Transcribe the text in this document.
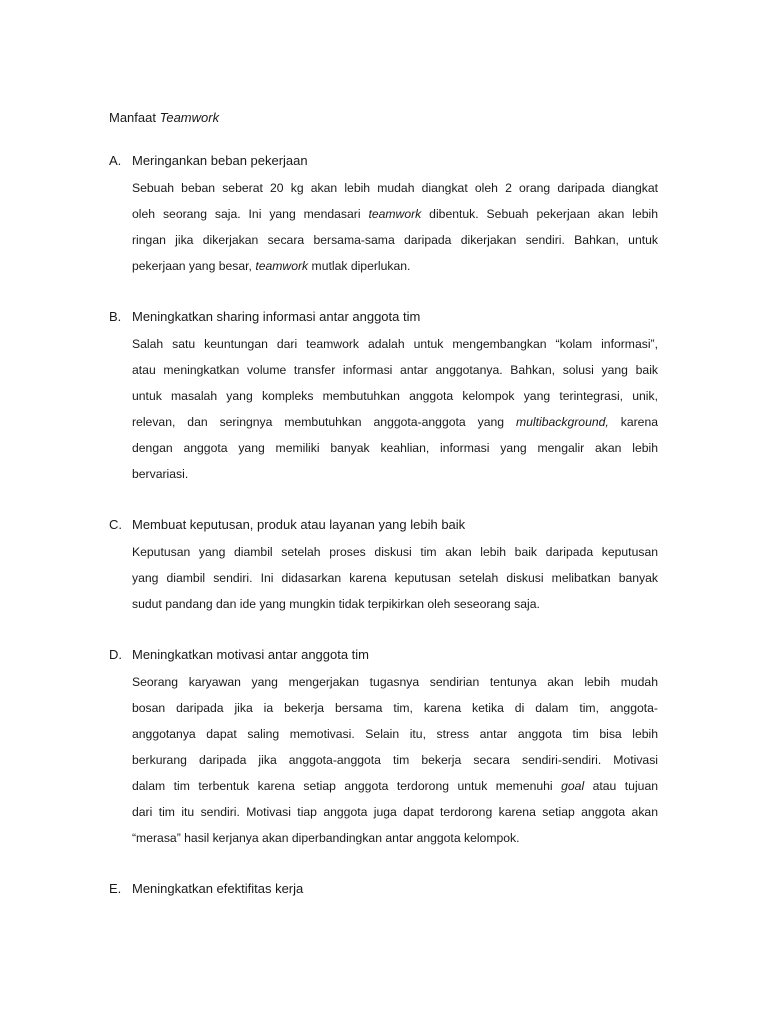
Manfaat Teamwork
A. Meringankan beban pekerjaan
Sebuah beban seberat 20 kg akan lebih mudah diangkat oleh 2 orang daripada diangkat
oleh seorang saja. Ini yang mendasari teamwork dibentuk. Sebuah pekerjaan akan lebih
ringan jika dikerjakan secara bersama-sama daripada dikerjakan sendiri. Bahkan, untuk
pekerjaan yang besar, teamwork mutlak diperlukan.
B. Meningkatkan sharing informasi antar anggota tim
Salah satu keuntungan dari teamwork adalah untuk mengembangkan “kolam informasi”,
atau meningkatkan volume transfer informasi antar anggotanya. Bahkan, solusi yang baik
untuk masalah yang kompleks membutuhkan anggota kelompok yang terintegrasi, unik,
relevan, dan seringnya membutuhkan anggota-anggota yang multibackground, karena
dengan anggota yang memiliki banyak keahlian, informasi yang mengalir akan lebih
bervariasi.
C. Membuat keputusan, produk atau layanan yang lebih baik
Keputusan yang diambil setelah proses diskusi tim akan lebih baik daripada keputusan
yang diambil sendiri. Ini didasarkan karena keputusan setelah diskusi melibatkan banyak
sudut pandang dan ide yang mungkin tidak terpikirkan oleh seseorang saja.
D. Meningkatkan motivasi antar anggota tim
Seorang karyawan yang mengerjakan tugasnya sendirian tentunya akan lebih mudah
bosan daripada jika ia bekerja bersama tim, karena ketika di dalam tim, anggota-
anggotanya dapat saling memotivasi. Selain itu, stress antar anggota tim bisa lebih
berkurang daripada jika anggota-anggota tim bekerja secara sendiri-sendiri. Motivasi
dalam tim terbentuk karena setiap anggota terdorong untuk memenuhi goal atau tujuan
dari tim itu sendiri. Motivasi tiap anggota juga dapat terdorong karena setiap anggota akan
“merasa” hasil kerjanya akan diperbandingkan antar anggota kelompok.
E. Meningkatkan efektifitas kerja
